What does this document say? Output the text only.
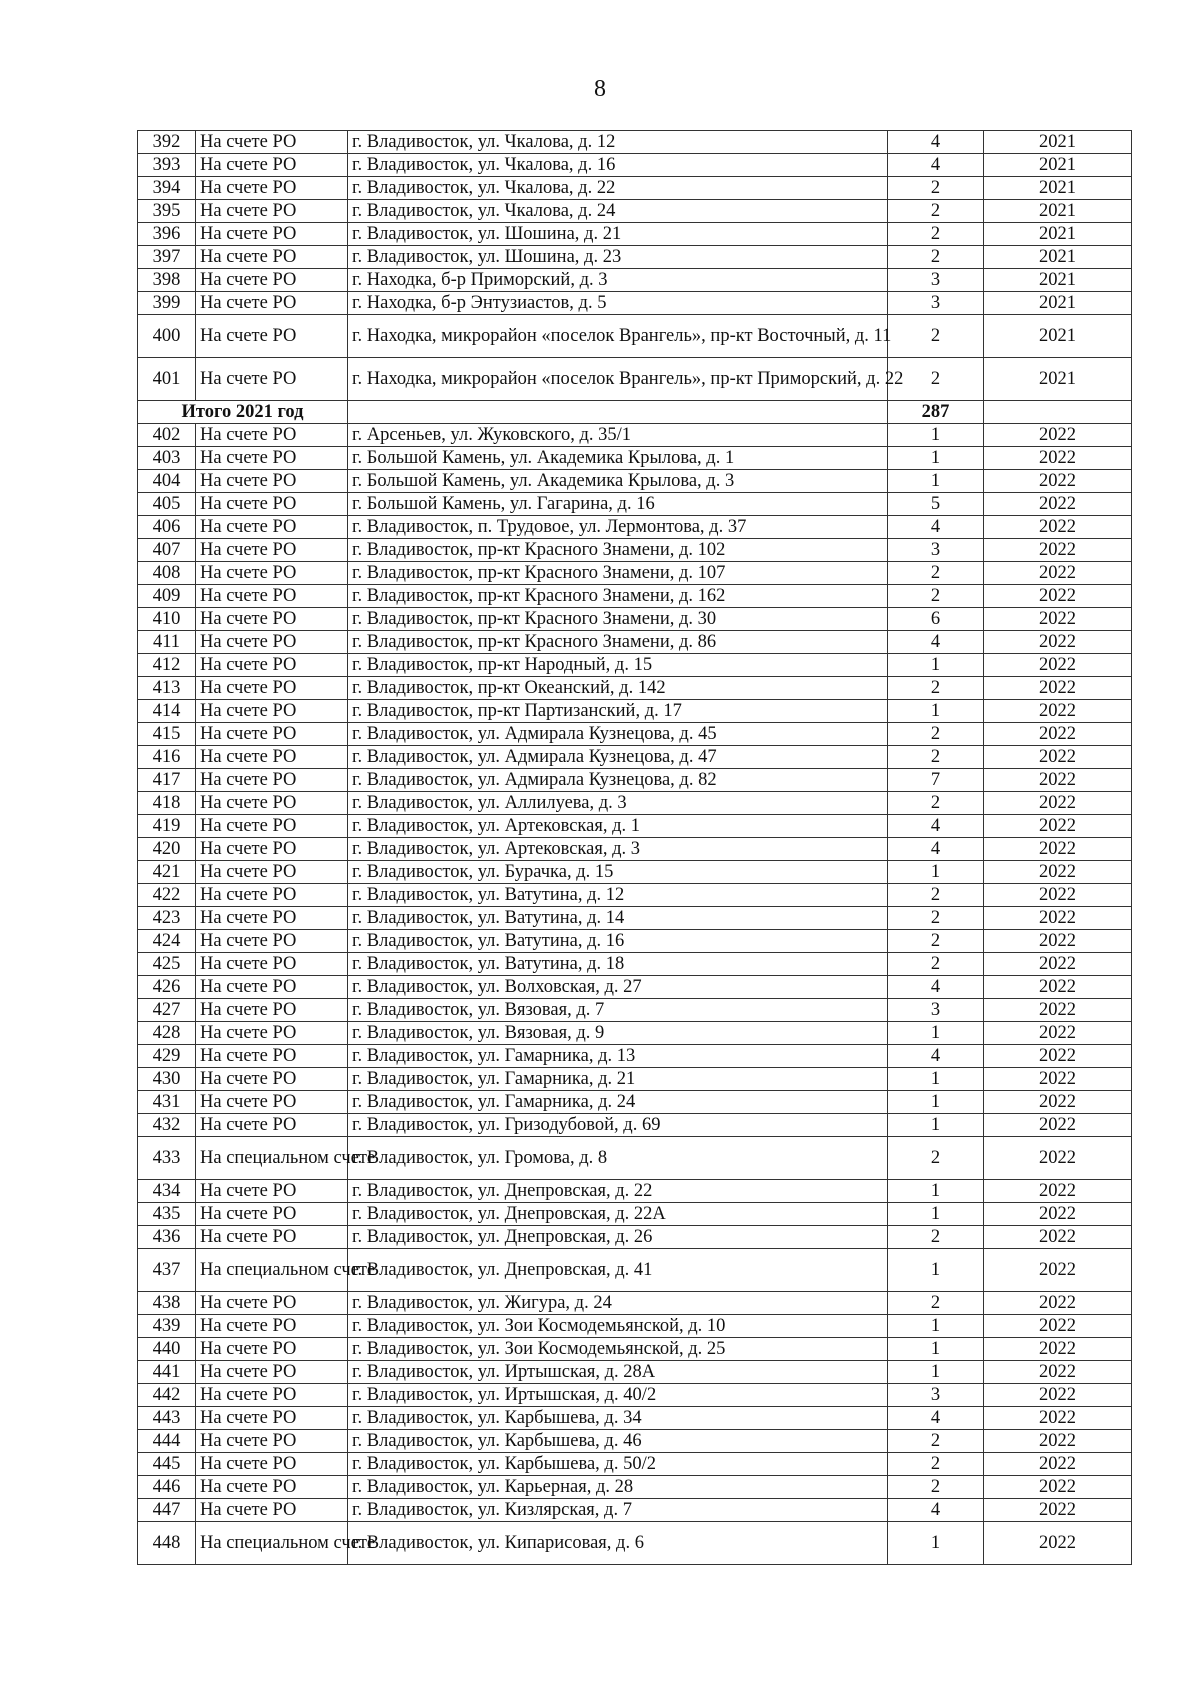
8
392	На счете РО	г. Владивосток, ул. Чкалова, д. 12	4	2021
393	На счете РО	г. Владивосток, ул. Чкалова, д. 16	4	2021
394	На счете РО	г. Владивосток, ул. Чкалова, д. 22	2	2021
395	На счете РО	г. Владивосток, ул. Чкалова, д. 24	2	2021
396	На счете РО	г. Владивосток, ул. Шошина, д. 21	2	2021
397	На счете РО	г. Владивосток, ул. Шошина, д. 23	2	2021
398	На счете РО	г. Находка, б-р Приморский, д. 3	3	2021
399	На счете РО	г. Находка, б-р Энтузиастов, д. 5	3	2021
400	На счете РО	г. Находка, микрорайон «поселок Врангель», пр-кт Восточный, д. 11	2	2021
401	На счете РО	г. Находка, микрорайон «поселок Врангель», пр-кт Приморский, д. 22	2	2021
Итого 2021 год			287	
402	На счете РО	г. Арсеньев, ул. Жуковского, д. 35/1	1	2022
403	На счете РО	г. Большой Камень, ул. Академика Крылова, д. 1	1	2022
404	На счете РО	г. Большой Камень, ул. Академика Крылова, д. 3	1	2022
405	На счете РО	г. Большой Камень, ул. Гагарина, д. 16	5	2022
406	На счете РО	г. Владивосток, п. Трудовое, ул. Лермонтова, д. 37	4	2022
407	На счете РО	г. Владивосток, пр-кт Красного Знамени, д. 102	3	2022
408	На счете РО	г. Владивосток, пр-кт Красного Знамени, д. 107	2	2022
409	На счете РО	г. Владивосток, пр-кт Красного Знамени, д. 162	2	2022
410	На счете РО	г. Владивосток, пр-кт Красного Знамени, д. 30	6	2022
411	На счете РО	г. Владивосток, пр-кт Красного Знамени, д. 86	4	2022
412	На счете РО	г. Владивосток, пр-кт Народный, д. 15	1	2022
413	На счете РО	г. Владивосток, пр-кт Океанский, д. 142	2	2022
414	На счете РО	г. Владивосток, пр-кт Партизанский, д. 17	1	2022
415	На счете РО	г. Владивосток, ул. Адмирала Кузнецова, д. 45	2	2022
416	На счете РО	г. Владивосток, ул. Адмирала Кузнецова, д. 47	2	2022
417	На счете РО	г. Владивосток, ул. Адмирала Кузнецова, д. 82	7	2022
418	На счете РО	г. Владивосток, ул. Аллилуева, д. 3	2	2022
419	На счете РО	г. Владивосток, ул. Артековская, д. 1	4	2022
420	На счете РО	г. Владивосток, ул. Артековская, д. 3	4	2022
421	На счете РО	г. Владивосток, ул. Бурачка, д. 15	1	2022
422	На счете РО	г. Владивосток, ул. Ватутина, д. 12	2	2022
423	На счете РО	г. Владивосток, ул. Ватутина, д. 14	2	2022
424	На счете РО	г. Владивосток, ул. Ватутина, д. 16	2	2022
425	На счете РО	г. Владивосток, ул. Ватутина, д. 18	2	2022
426	На счете РО	г. Владивосток, ул. Волховская, д. 27	4	2022
427	На счете РО	г. Владивосток, ул. Вязовая, д. 7	3	2022
428	На счете РО	г. Владивосток, ул. Вязовая, д. 9	1	2022
429	На счете РО	г. Владивосток, ул. Гамарника, д. 13	4	2022
430	На счете РО	г. Владивосток, ул. Гамарника, д. 21	1	2022
431	На счете РО	г. Владивосток, ул. Гамарника, д. 24	1	2022
432	На счете РО	г. Владивосток, ул. Гризодубовой, д. 69	1	2022
433	На специальном счете	г. Владивосток, ул. Громова, д. 8	2	2022
434	На счете РО	г. Владивосток, ул. Днепровская, д. 22	1	2022
435	На счете РО	г. Владивосток, ул. Днепровская, д. 22А	1	2022
436	На счете РО	г. Владивосток, ул. Днепровская, д. 26	2	2022
437	На специальном счете	г. Владивосток, ул. Днепровская, д. 41	1	2022
438	На счете РО	г. Владивосток, ул. Жигура, д. 24	2	2022
439	На счете РО	г. Владивосток, ул. Зои Космодемьянской, д. 10	1	2022
440	На счете РО	г. Владивосток, ул. Зои Космодемьянской, д. 25	1	2022
441	На счете РО	г. Владивосток, ул. Иртышская, д. 28А	1	2022
442	На счете РО	г. Владивосток, ул. Иртышская, д. 40/2	3	2022
443	На счете РО	г. Владивосток, ул. Карбышева, д. 34	4	2022
444	На счете РО	г. Владивосток, ул. Карбышева, д. 46	2	2022
445	На счете РО	г. Владивосток, ул. Карбышева, д. 50/2	2	2022
446	На счете РО	г. Владивосток, ул. Карьерная, д. 28	2	2022
447	На счете РО	г. Владивосток, ул. Кизлярская, д. 7	4	2022
448	На специальном счете	г. Владивосток, ул. Кипарисовая, д. 6	1	2022
